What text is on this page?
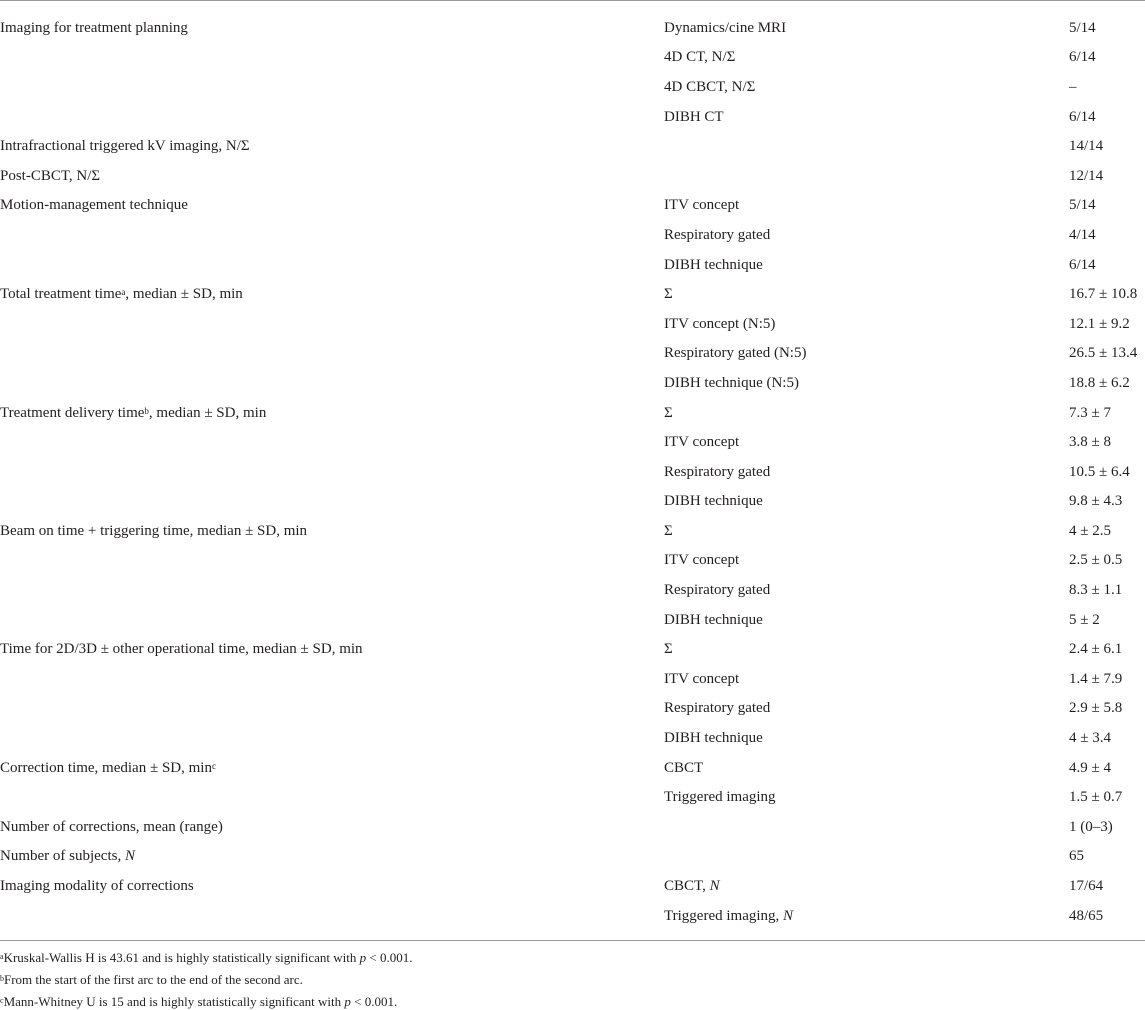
Imaging for treatment planning	Dynamics/cine MRI	5/14
	4D CT, N/Σ	6/14
	4D CBCT, N/Σ	–
	DIBH CT	6/14
Intrafractional triggered kV imaging, N/Σ		14/14
Post-CBCT, N/Σ		12/14
Motion-management technique	ITV concept	5/14
	Respiratory gated	4/14
	DIBH technique	6/14
Total treatment time$^a$, median ± SD, min	Σ	16.7 ± 10.8
	ITV concept (N:5)	12.1 ± 9.2
	Respiratory gated (N:5)	26.5 ± 13.4
	DIBH technique (N:5)	18.8 ± 6.2
Treatment delivery time$^b$, median ± SD, min	Σ	7.3 ± 7
	ITV concept	3.8 ± 8
	Respiratory gated	10.5 ± 6.4
	DIBH technique	9.8 ± 4.3
Beam on time + triggering time, median ± SD, min	Σ	4 ± 2.5
	ITV concept	2.5 ± 0.5
	Respiratory gated	8.3 ± 1.1
	DIBH technique	5 ± 2
Time for 2D/3D ± other operational time, median ± SD, min	Σ	2.4 ± 6.1
	ITV concept	1.4 ± 7.9
	Respiratory gated	2.9 ± 5.8
	DIBH technique	4 ± 3.4
Correction time, median ± SD, $\min^c$	CBCT	4.9 ± 4
	Triggered imaging	1.5 ± 0.7
Number of corrections, mean (range)		1 (0–3)
Number of subjects, N		65
Imaging modality of corrections	CBCT, N	17/64
	Triggered imaging, N	48/65
$^a$Kruskal-Wallis H is 43.61 and is highly statistically significant with p < 0.001.
$^b$From the start of the first arc to the end of the second arc.
$^c$Mann-Whitney U is 15 and is highly statistically significant with p < 0.001.
